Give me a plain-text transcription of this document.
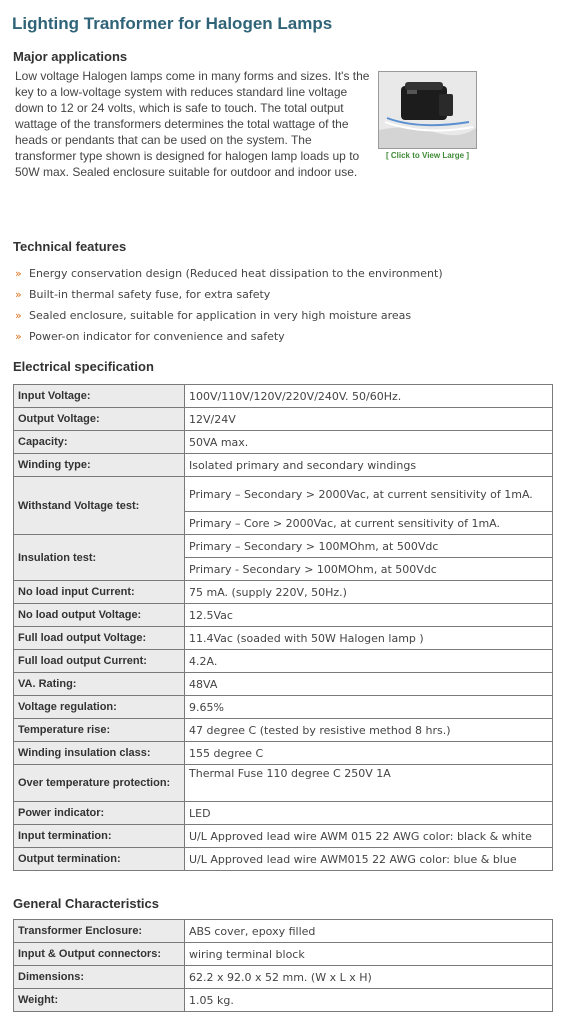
Lighting Tranformer for Halogen Lamps
Major applications

Low voltage Halogen lamps come in many forms and sizes. It's the key to a low-voltage system with reduces standard line voltage down to 12 or 24 volts, which is safe to touch. The total output wattage of the transformers determines the total wattage of the heads or pendants that can be used on the system. The transformer type shown is designed for halogen lamp loads up to 50W max. Sealed enclosure suitable for outdoor and indoor use.

[ Click to View Large ]
Technical features
» Energy conservation design (Reduced heat dissipation to the environment)
» Built-in thermal safety fuse, for extra safety
» Sealed enclosure, suitable for application in very high moisture areas
» Power-on indicator for convenience and safety
Electrical specification
Input Voltage:	100V/110V/120V/220V/240V. 50/60Hz.
Output Voltage:	12V/24V
Capacity:	50VA max.
Winding type:	Isolated primary and secondary windings
Withstand Voltage test:	Primary – Secondary > 2000Vac, at current sensitivity of 1mA.
	Primary – Core > 2000Vac, at current sensitivity of 1mA.
Insulation test:	Primary – Secondary > 100MOhm, at 500Vdc
	Primary - Secondary > 100MOhm, at 500Vdc
No load input Current:	75 mA. (supply 220V, 50Hz.)
No load output Voltage:	12.5Vac
Full load output Voltage:	11.4Vac (soaded with 50W Halogen lamp )
Full load output Current:	4.2A.
VA. Rating:	48VA
Voltage regulation:	9.65%
Temperature rise:	47 degree C (tested by resistive method 8 hrs.)
Winding insulation class:	155 degree C
Over temperature protection:	Thermal Fuse 110 degree C 250V 1A
Power indicator:	LED
Input termination:	U/L Approved lead wire AWM 015 22 AWG color: black & white
Output termination:	U/L Approved lead wire AWM015 22 AWG color: blue & blue
General Characteristics
Transformer Enclosure:	ABS cover, epoxy filled
Input & Output connectors:	wiring terminal block
Dimensions:	62.2 x 92.0 x 52 mm. (W x L x H)
Weight:	1.05 kg.
